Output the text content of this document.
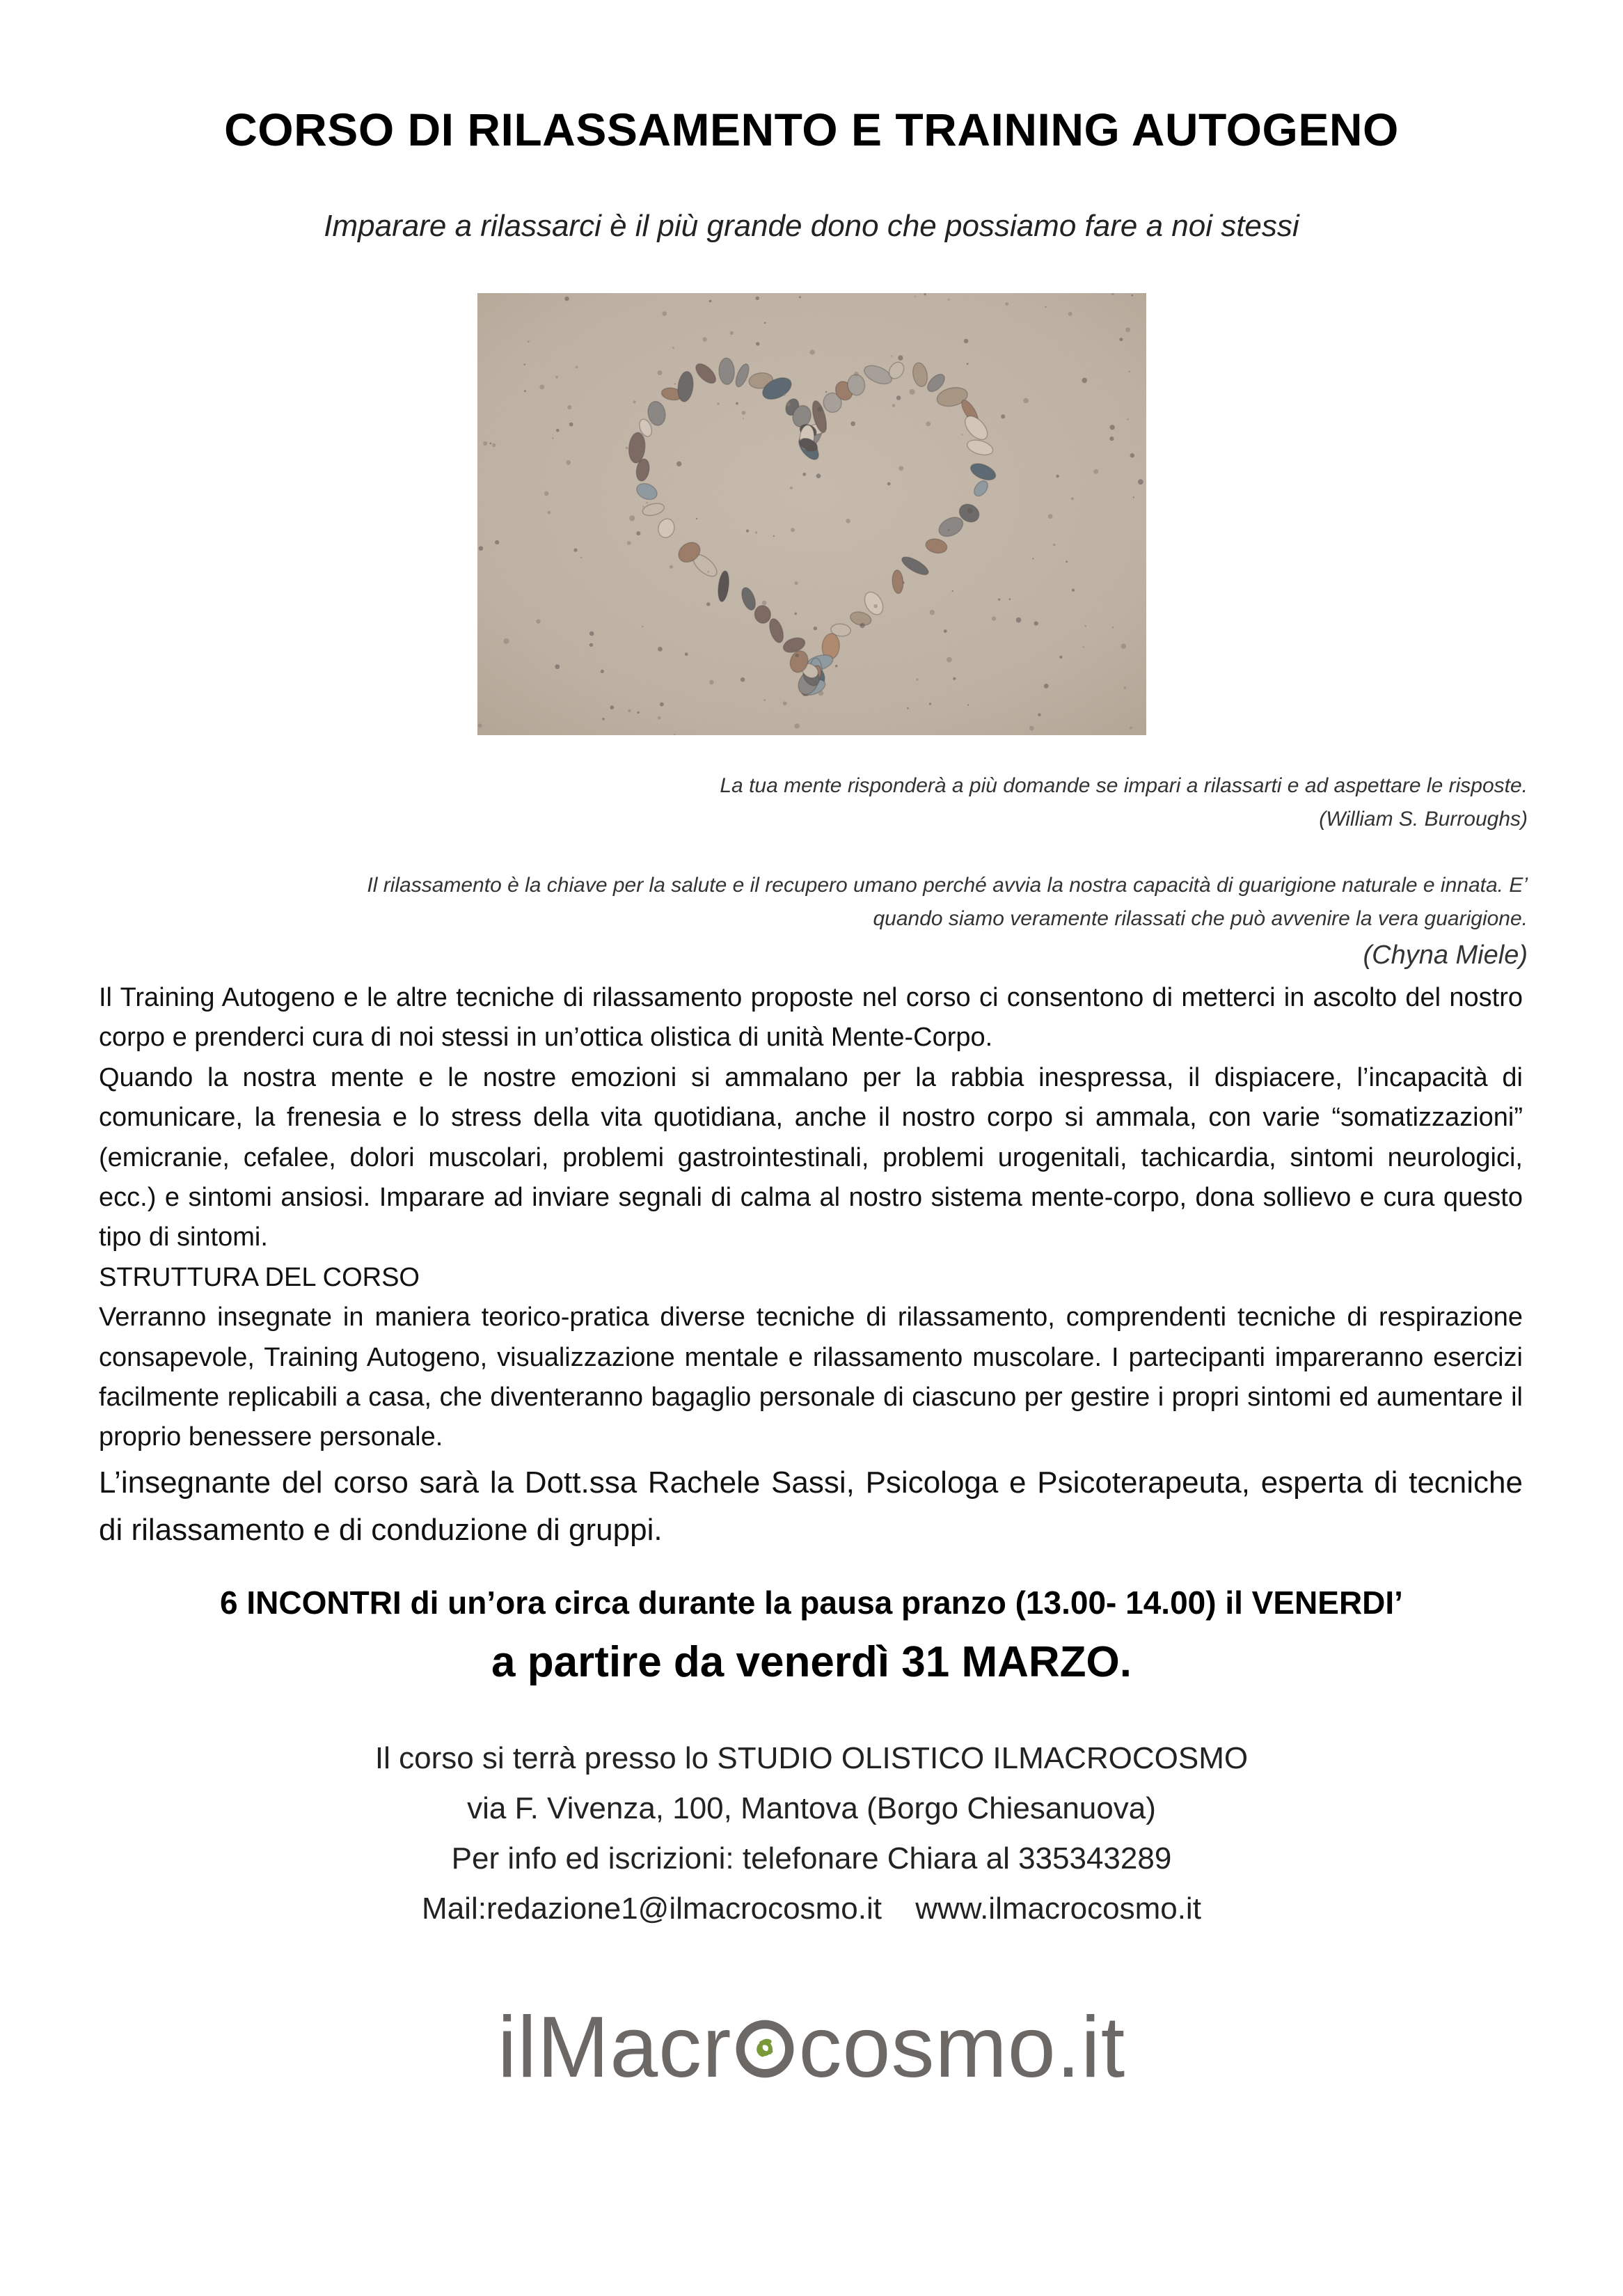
CORSO DI RILASSAMENTO E TRAINING AUTOGENO
Imparare a rilassarci è il più grande dono che possiamo fare a noi stessi
La tua mente risponderà a più domande se impari a rilassarti e ad aspettare le risposte.
(William S. Burroughs)
Il rilassamento è la chiave per la salute e il recupero umano perché avvia la nostra capacità di guarigione naturale e innata. E’
quando siamo veramente rilassati che può avvenire la vera guarigione.
(Chyna Miele)

Il Training Autogeno e le altre tecniche di rilassamento proposte nel corso ci consentono di metterci in ascolto del nostro corpo e prenderci cura di noi stessi in un’ottica olistica di unità Mente-Corpo.

Quando la nostra mente e le nostre emozioni si ammalano per la rabbia inespressa, il dispiacere, l’incapacità di comunicare, la frenesia e lo stress della vita quotidiana, anche il nostro corpo si ammala, con varie “somatizzazioni” (emicranie, cefalee, dolori muscolari, problemi gastrointestinali, problemi urogenitali, tachicardia, sintomi neurologici, ecc.) e sintomi ansiosi. Imparare ad inviare segnali di calma al nostro sistema mente-corpo, dona sollievo e cura questo tipo di sintomi.

STRUTTURA DEL CORSO

Verranno insegnate in maniera teorico-pratica diverse tecniche di rilassamento, comprendenti tecniche di respirazione consapevole, Training Autogeno, visualizzazione mentale e rilassamento muscolare. I partecipanti impareranno esercizi facilmente replicabili a casa, che diventeranno bagaglio personale di ciascuno per gestire i propri sintomi ed aumentare il proprio benessere personale.

L’insegnante del corso sarà la Dott.ssa Rachele Sassi, Psicologa e Psicoterapeuta, esperta di tecniche di rilassamento e di conduzione di gruppi.

6 INCONTRI di un’ora circa durante la pausa pranzo (13.00- 14.00) il VENERDI’
a partire da venerdì 31 MARZO.
Il corso si terrà presso lo STUDIO OLISTICO ILMACROCOSMO
via F. Vivenza, 100, Mantova (Borgo Chiesanuova)
Per info ed iscrizioni: telefonare Chiara al 335343289
Mail:redazione1@ilmacrocosmo.it www.ilmacrocosmo.it
ilMacr cosmo.it
